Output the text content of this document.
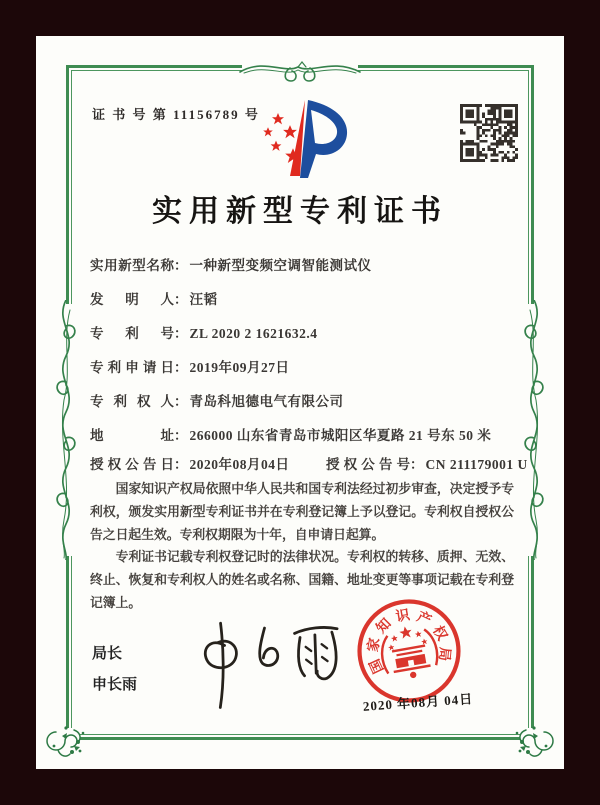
证 书 号 第 11156789 号
实用新型专利证书
实用新型名称： 一种新型变频空调智能测试仪
发明人： 汪韬
专利号： ZL 2020 2 1621632.4
专利申请日： 2019年09月27日
专利权人： 青岛科旭德电气有限公司
地址： 266000 山东省青岛市城阳区华夏路 21 号东 50 米
授权公告日： 2020年08月04日	授权公告号： CN 211179001 U

国家知识产权局依照中华人民共和国专利法经过初步审查，决定授予专利权，颁发实用新型专利证书并在专利登记簿上予以登记。专利权自授权公告之日起生效。专利权期限为十年，自申请日起算。

专利证书记载专利权登记时的法律状况。专利权的转移、质押、无效、终止、恢复和专利权人的姓名或名称、国籍、地址变更等事项记载在专利登记簿上。

局长
申长雨
国
家
知 识 产
权
局
2020 年08月 04日
